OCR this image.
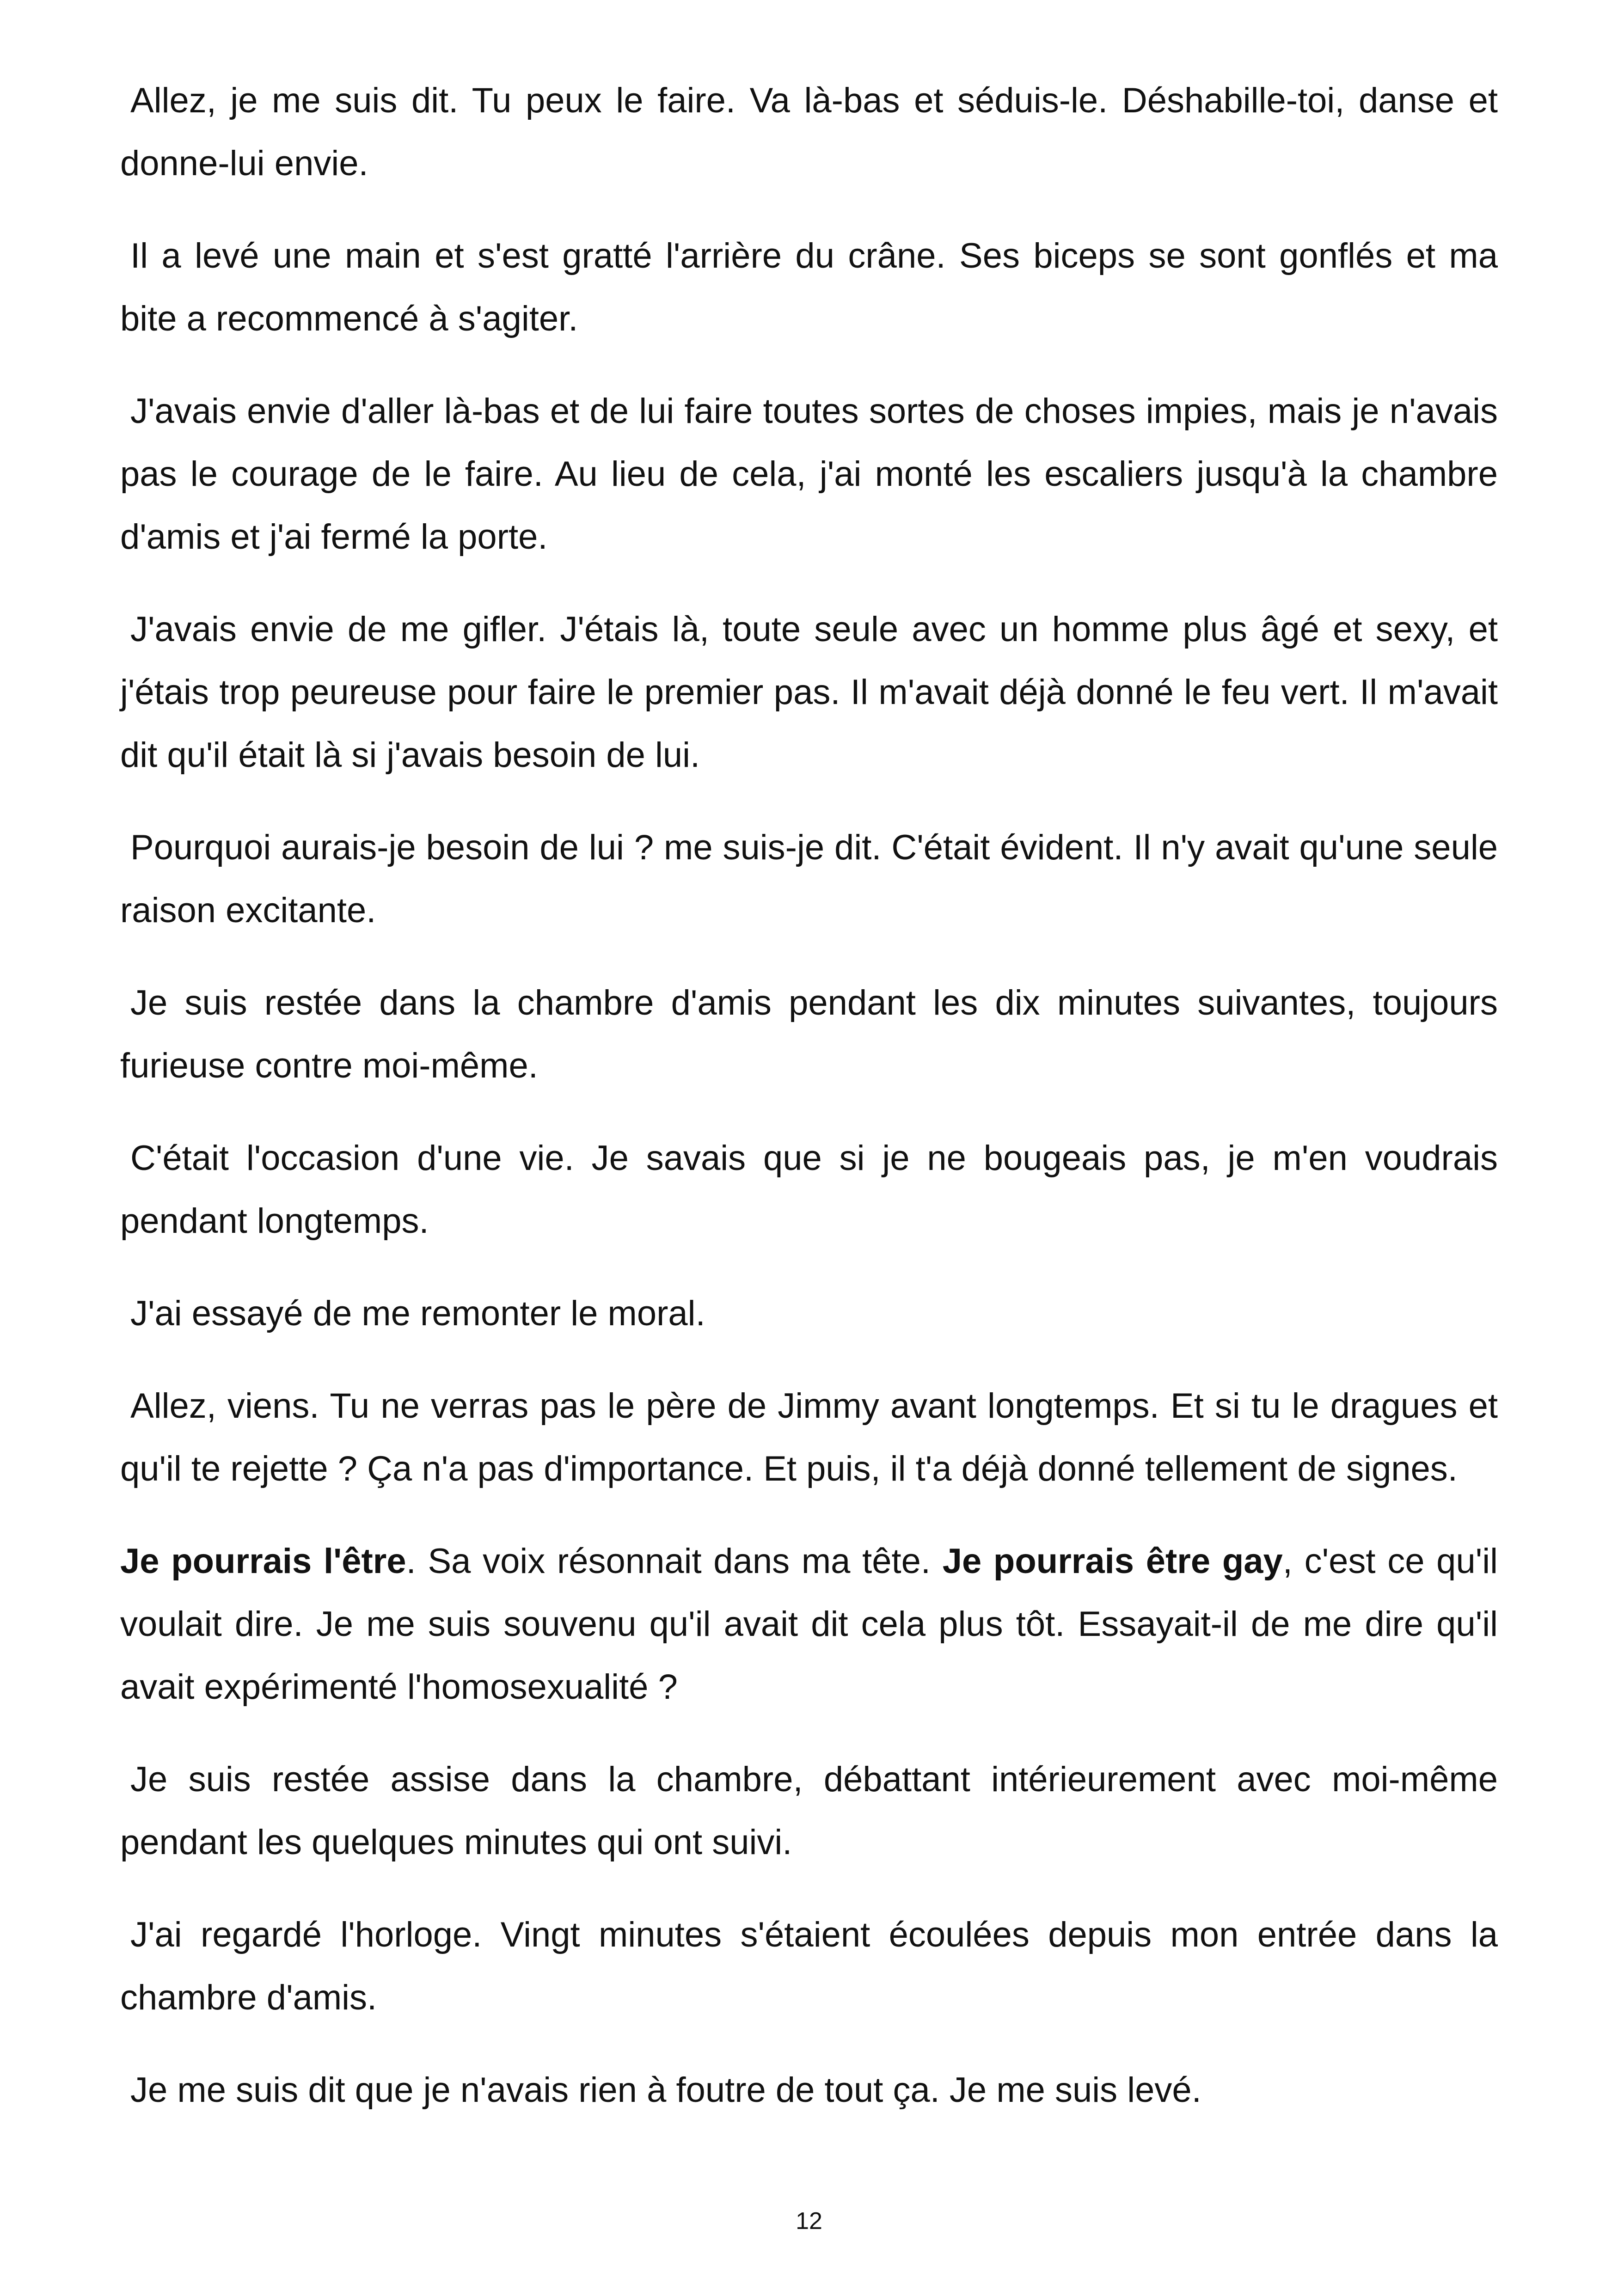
Allez, je me suis dit. Tu peux le faire. Va là-bas et séduis-le. Déshabille-toi, danse et donne-lui envie.

Il a levé une main et s'est gratté l'arrière du crâne. Ses biceps se sont gonflés et ma bite a recommencé à s'agiter.

J'avais envie d'aller là-bas et de lui faire toutes sortes de choses impies, mais je n'avais pas le courage de le faire. Au lieu de cela, j'ai monté les escaliers jusqu'à la chambre d'amis et j'ai fermé la porte.

J'avais envie de me gifler. J'étais là, toute seule avec un homme plus âgé et sexy, et j'étais trop peureuse pour faire le premier pas. Il m'avait déjà donné le feu vert. Il m'avait dit qu'il était là si j'avais besoin de lui.

Pourquoi aurais-je besoin de lui ? me suis-je dit. C'était évident. Il n'y avait qu'une seule raison excitante.

Je suis restée dans la chambre d'amis pendant les dix minutes suivantes, toujours furieuse contre moi-même.

C'était l'occasion d'une vie. Je savais que si je ne bougeais pas, je m'en voudrais pendant longtemps.

J'ai essayé de me remonter le moral.

Allez, viens. Tu ne verras pas le père de Jimmy avant longtemps. Et si tu le dragues et qu'il te rejette ? Ça n'a pas d'importance. Et puis, il t'a déjà donné tellement de signes.

Je pourrais l'être. Sa voix résonnait dans ma tête. Je pourrais être gay, c'est ce qu'il voulait dire. Je me suis souvenu qu'il avait dit cela plus tôt. Essayait-il de me dire qu'il avait expérimenté l'homosexualité ?

Je suis restée assise dans la chambre, débattant intérieurement avec moi-même pendant les quelques minutes qui ont suivi.

J'ai regardé l'horloge. Vingt minutes s'étaient écoulées depuis mon entrée dans la chambre d'amis.

Je me suis dit que je n'avais rien à foutre de tout ça. Je me suis levé.

12
